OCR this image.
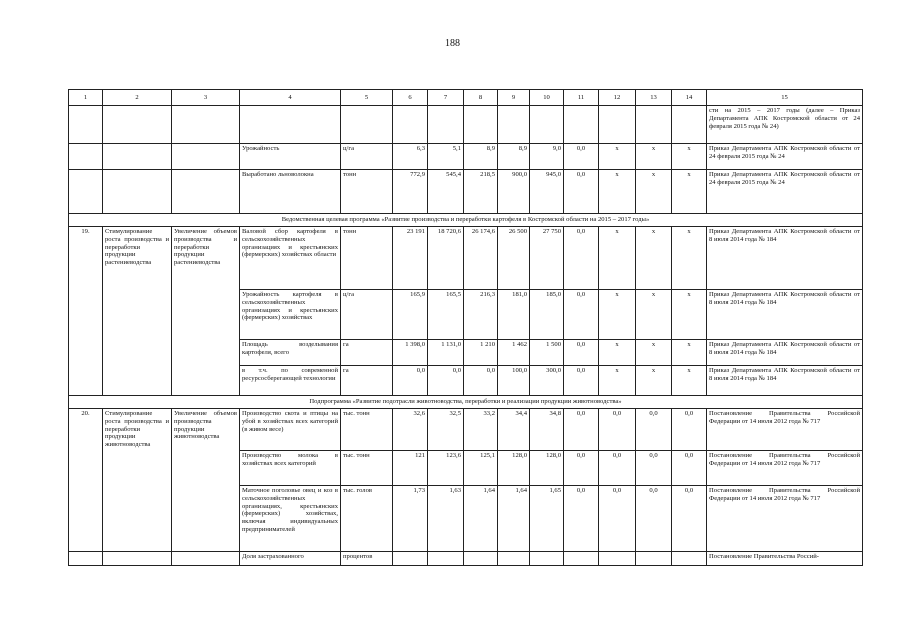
188
1	2	3	4	5	6	7	8	9	10	11	12	13	14	15
														сти на 2015 – 2017 годы (далее – Приказ Департамента АПК Костромской области от 24 февраля 2015 года № 24)
			Урожайность	ц/га	6,3	5,1	8,9	8,9	9,0	0,0	x	x	x	Приказ Департамента АПК Костромской области от 24 февраля 2015 года № 24
			Выработано льноволокна	тонн	772,9	545,4	218,5	900,0	945,0	0,0	x	x	x	Приказ Департамента АПК Костромской области от 24 февраля 2015 года № 24
Ведомственная целевая программа «Развитие производства и переработки картофеля в Костромской области на 2015 – 2017 годы»														
19.	Стимулирование роста производства и переработки продукции растениеводства	Увеличение объемов производства и переработки продукции растениеводства	Валовой сбор картофеля в сельскохозяйственных организациях и крестьянских (фермерских) хозяйствах области	тонн	23 191	18 720,6	26 174,6	26 500	27 750	0,0	x	x	x	Приказ Департамента АПК Костромской области от 8 июля 2014 года № 184
			Урожайность картофеля в сельскохозяйственных организациях и крестьянских (фермерских) хозяйствах	ц/га	165,9	165,5	216,3	181,0	185,0	0,0	x	x	x	Приказ Департамента АПК Костромской области от 8 июля 2014 года № 184
			Площадь возделывания картофеля, всего	га	1 398,0	1 131,0	1 210	1 462	1 500	0,0	x	x	x	Приказ Департамента АПК Костромской области от 8 июля 2014 года № 184
			в т.ч. по современной ресурсосберегающей технологии	га	0,0	0,0	0,0	100,0	300,0	0,0	x	x	x	Приказ Департамента АПК Костромской области от 8 июля 2014 года № 184
Подпрограмма «Развитие подотрасли животноводства, переработки и реализации продукции животноводства»														
20.	Стимулирование роста производства и переработки продукции животноводства	Увеличение объемов производства продукции животноводства	Производство скота и птицы на убой в хозяйствах всех категорий (в живом весе)	тыс. тонн	32,6	32,5	33,2	34,4	34,8	0,0	0,0	0,0	0,0	Постановление Правительства Российской Федерации от 14 июля 2012 года № 717
			Производство молока в хозяйствах всех категорий	тыс. тонн	121	123,6	125,1	128,0	128,0	0,0	0,0	0,0	0,0	Постановление Правительства Российской Федерации от 14 июля 2012 года № 717
			Маточное поголовье овец и коз в сельскохозяйственных организациях, крестьянских (фермерских) хозяйствах, включая индивидуальных предпринимателей	тыс. голов	1,73	1,63	1,64	1,64	1,65	0,0	0,0	0,0	0,0	Постановление Правительства Российской Федерации от 14 июля 2012 года № 717
			Доля застрахованного	процентов										Постановление Правительства Россий-
